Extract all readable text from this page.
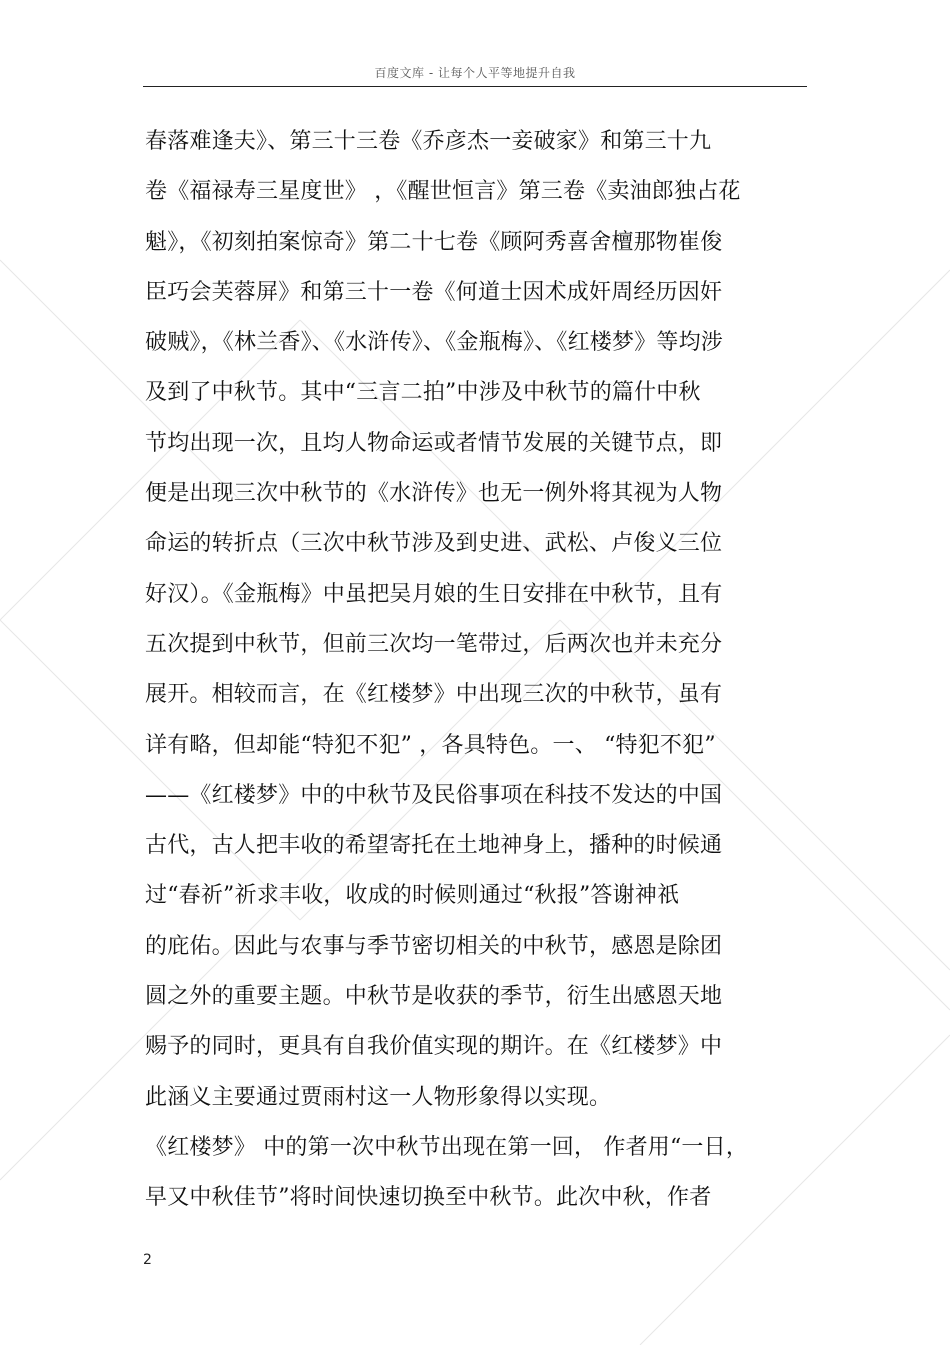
百度文库 - 让每个人平等地提升自我
春落难逢夫》、第三十三卷《乔彦杰一妾破家》和第三十九
卷《福禄寿三星度世》 ，《醒世恒言》第三卷《卖油郎独占花
魁》，《初刻拍案惊奇》第二十七卷《顾阿秀喜舍檀那物崔俊
臣巧会芙蓉屏》和第三十一卷《何道士因术成奸周经历因奸
破贼》，《林兰香》、《水浒传》、《金瓶梅》、《红楼梦》等均涉
及到了中秋节。其中“三言二拍”中涉及中秋节的篇什中秋
节均出现一次，且均人物命运或者情节发展的关键节点，即
便是出现三次中秋节的《水浒传》也无一例外将其视为人物
命运的转折点（三次中秋节涉及到史进、武松、卢俊义三位
好汉）。《金瓶梅》中虽把吴月娘的生日安排在中秋节，且有
五次提到中秋节，但前三次均一笔带过，后两次也并未充分
展开。相较而言，在《红楼梦》中出现三次的中秋节，虽有
详有略，但却能“特犯不犯” ，各具特色。一、 “特犯不犯”
——《红楼梦》中的中秋节及民俗事项在科技不发达的中国
古代，古人把丰收的希望寄托在土地神身上，播种的时候通
过“春祈”祈求丰收，收成的时候则通过“秋报”答谢神祇
的庇佑。因此与农事与季节密切相关的中秋节，感恩是除团
圆之外的重要主题。中秋节是收获的季节，衍生出感恩天地
赐予的同时，更具有自我价值实现的期许。在《红楼梦》中
此涵义主要通过贾雨村这一人物形象得以实现。
《红楼梦》 中的第一次中秋节出现在第一回， 作者用“一日，
早又中秋佳节”将时间快速切换至中秋节。此次中秋，作者
2
